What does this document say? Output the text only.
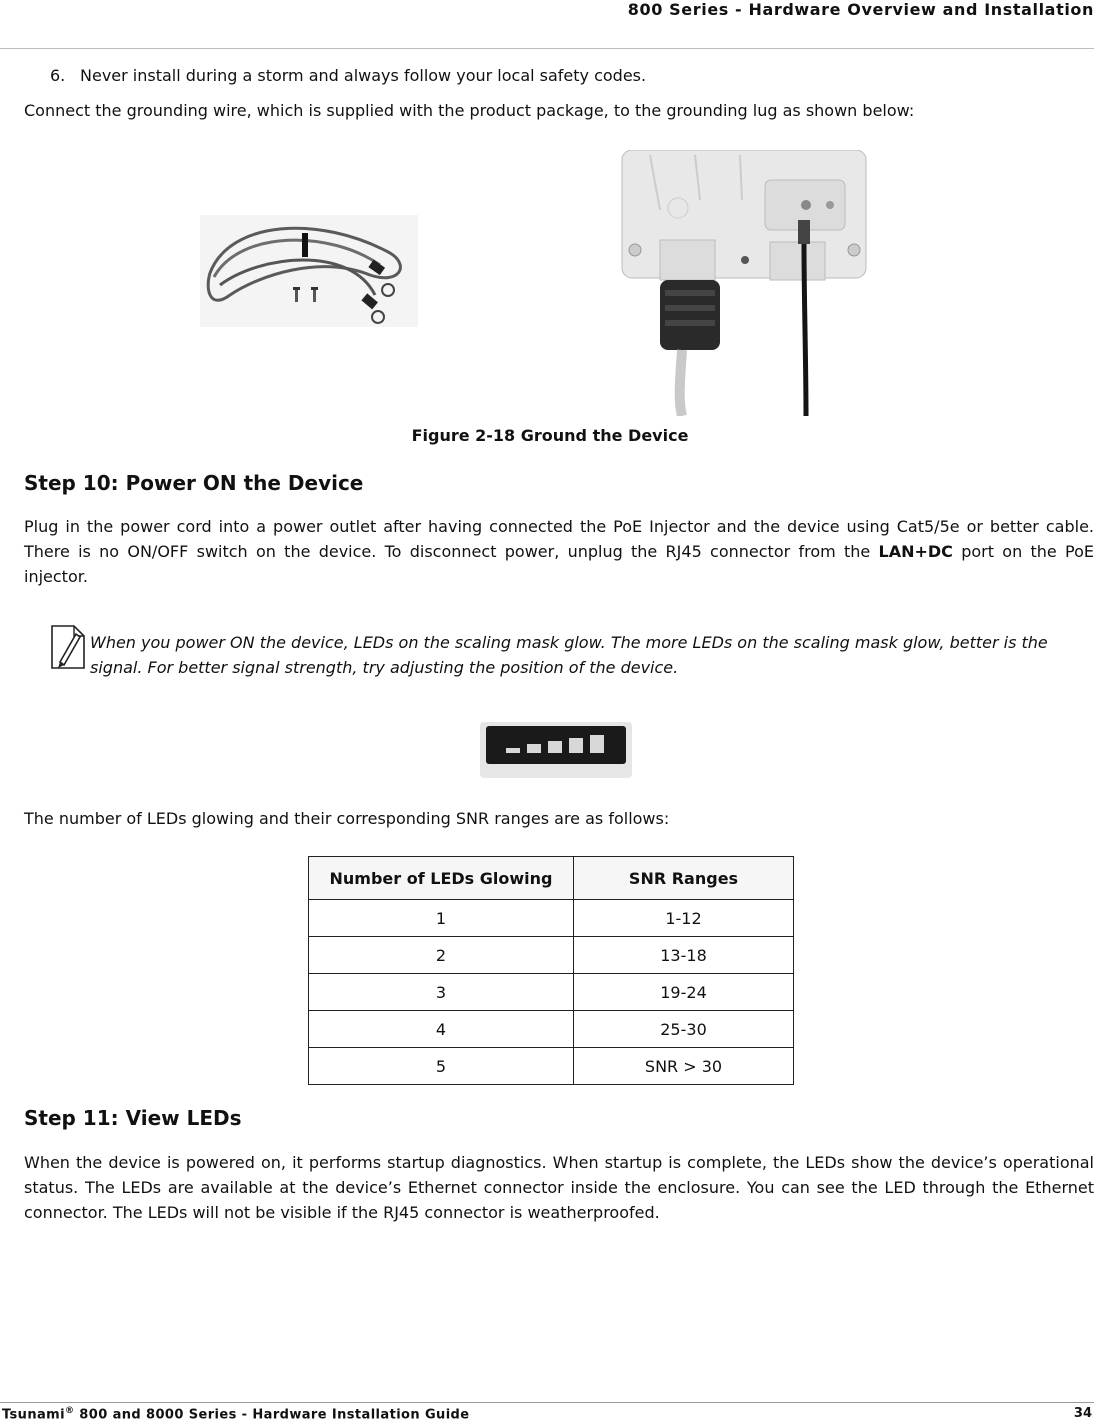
800 Series - Hardware Overview and Installation
6. Never install during a storm and always follow your local safety codes.
Connect the grounding wire, which is supplied with the product package, to the grounding lug as shown below:
Figure 2-18 Ground the Device
Step 10: Power ON the Device
Plug in the power cord into a power outlet after having connected the PoE Injector and the device using Cat5/5e or better cable. There is no ON/OFF switch on the device. To disconnect power, unplug the RJ45 connector from the LAN+DC port on the PoE injector.
When you power ON the device, LEDs on the scaling mask glow. The more LEDs on the scaling mask glow, better is the signal. For better signal strength, try adjusting the position of the device.
The number of LEDs glowing and their corresponding SNR ranges are as follows:
Number of LEDs Glowing	SNR Ranges
1	1-12
2	13-18
3	19-24
4	25-30
5	SNR > 30
Step 11: View LEDs
When the device is powered on, it performs startup diagnostics. When startup is complete, the LEDs show the device’s operational status. The LEDs are available at the device’s Ethernet connector inside the enclosure. You can see the LED through the Ethernet connector. The LEDs will not be visible if the RJ45 connector is weatherproofed.
Tsunami® 800 and 8000 Series - Hardware Installation Guide	34
